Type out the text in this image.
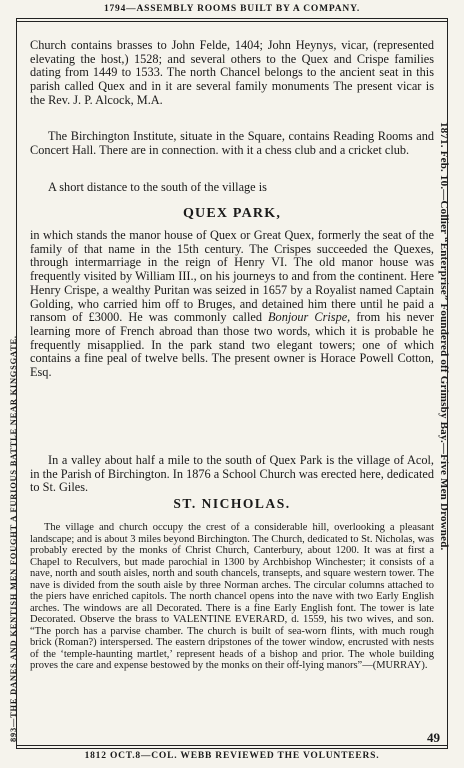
1794—ASSEMBLY ROOMS BUILT BY A COMPANY.
1812 OCT.8—COL. WEBB REVIEWED THE VOLUNTEERS.
893—THE DANES AND KENTISH MEN FOUGHT A FURIOUS BATTLE NEAR KINGSGATE.	1871. Feb. 10.—Collier “Enterprise” Foundered off Grimsby Bay.—Five Men Drowned.

Church contains brasses to John Felde, 1404; John Heynys, vicar, (represented elevating the host,) 1528; and several others to the Quex and Crispe families dating from 1449 to 1533. The north Chancel belongs to the ancient seat in this parish called Quex and in it are several family monuments The present vicar is the Rev. J. P. Alcock, M.A.

The Birchington Institute, situate in the Square, contains Reading Rooms and Concert Hall. There are in connection. with it a chess club and a cricket club.

A short distance to the south of the village is

QUEX PARK,

in which stands the manor house of Quex or Great Quex, formerly the seat of the family of that name in the 15th century. The Crispes succeeded the Quexes, through intermarriage in the reign of Henry VI. The old manor house was frequently visited by William III., on his journeys to and from the continent. Here Henry Crispe, a wealthy Puritan was seized in 1657 by a Royalist named Captain Golding, who carried him off to Bruges, and detained him there until he paid a ransom of £3000. He was commonly called Bonjour Crispe, from his never learning more of French abroad than those two words, which it is probable he frequently misapplied. In the park stand two elegant towers; one of which contains a fine peal of twelve bells. The present owner is Horace Powell Cotton, Esq.

In a valley about half a mile to the south of Quex Park is the village of Acol, in the Parish of Birchington. In 1876 a School Church was erected here, dedicated to St. Giles.

ST. NICHOLAS.

The village and church occupy the crest of a considerable hill, overlooking a pleasant landscape; and is about 3 miles beyond Birchington. The Church, dedicated to St. Nicholas, was probably erected by the monks of Christ Church, Canterbury, about 1200. It was at first a Chapel to Reculvers, but made parochial in 1300 by Archbishop Winchester; it consists of a nave, north and south aisles, north and south chancels, transepts, and square western tower. The nave is divided from the south aisle by three Norman arches. The circular columns attached to the piers have enriched capitols. The north chancel opens into the nave with two Early English arches. The windows are all Decorated. There is a fine Early English font. The tower is late Decorated. Observe the brass to VALENTINE EVERARD, d. 1559, his two wives, and son. “The porch has a parvise chamber. The church is built of sea-worn flints, with much rough brick (Roman?) interspersed. The eastern dripstones of the tower window, encrusted with nests of the ‘temple-haunting martlet,’ represent heads of a bishop and prior. The whole building proves the care and expense bestowed by the monks on their off-lying manors”—(MURRAY).

49
